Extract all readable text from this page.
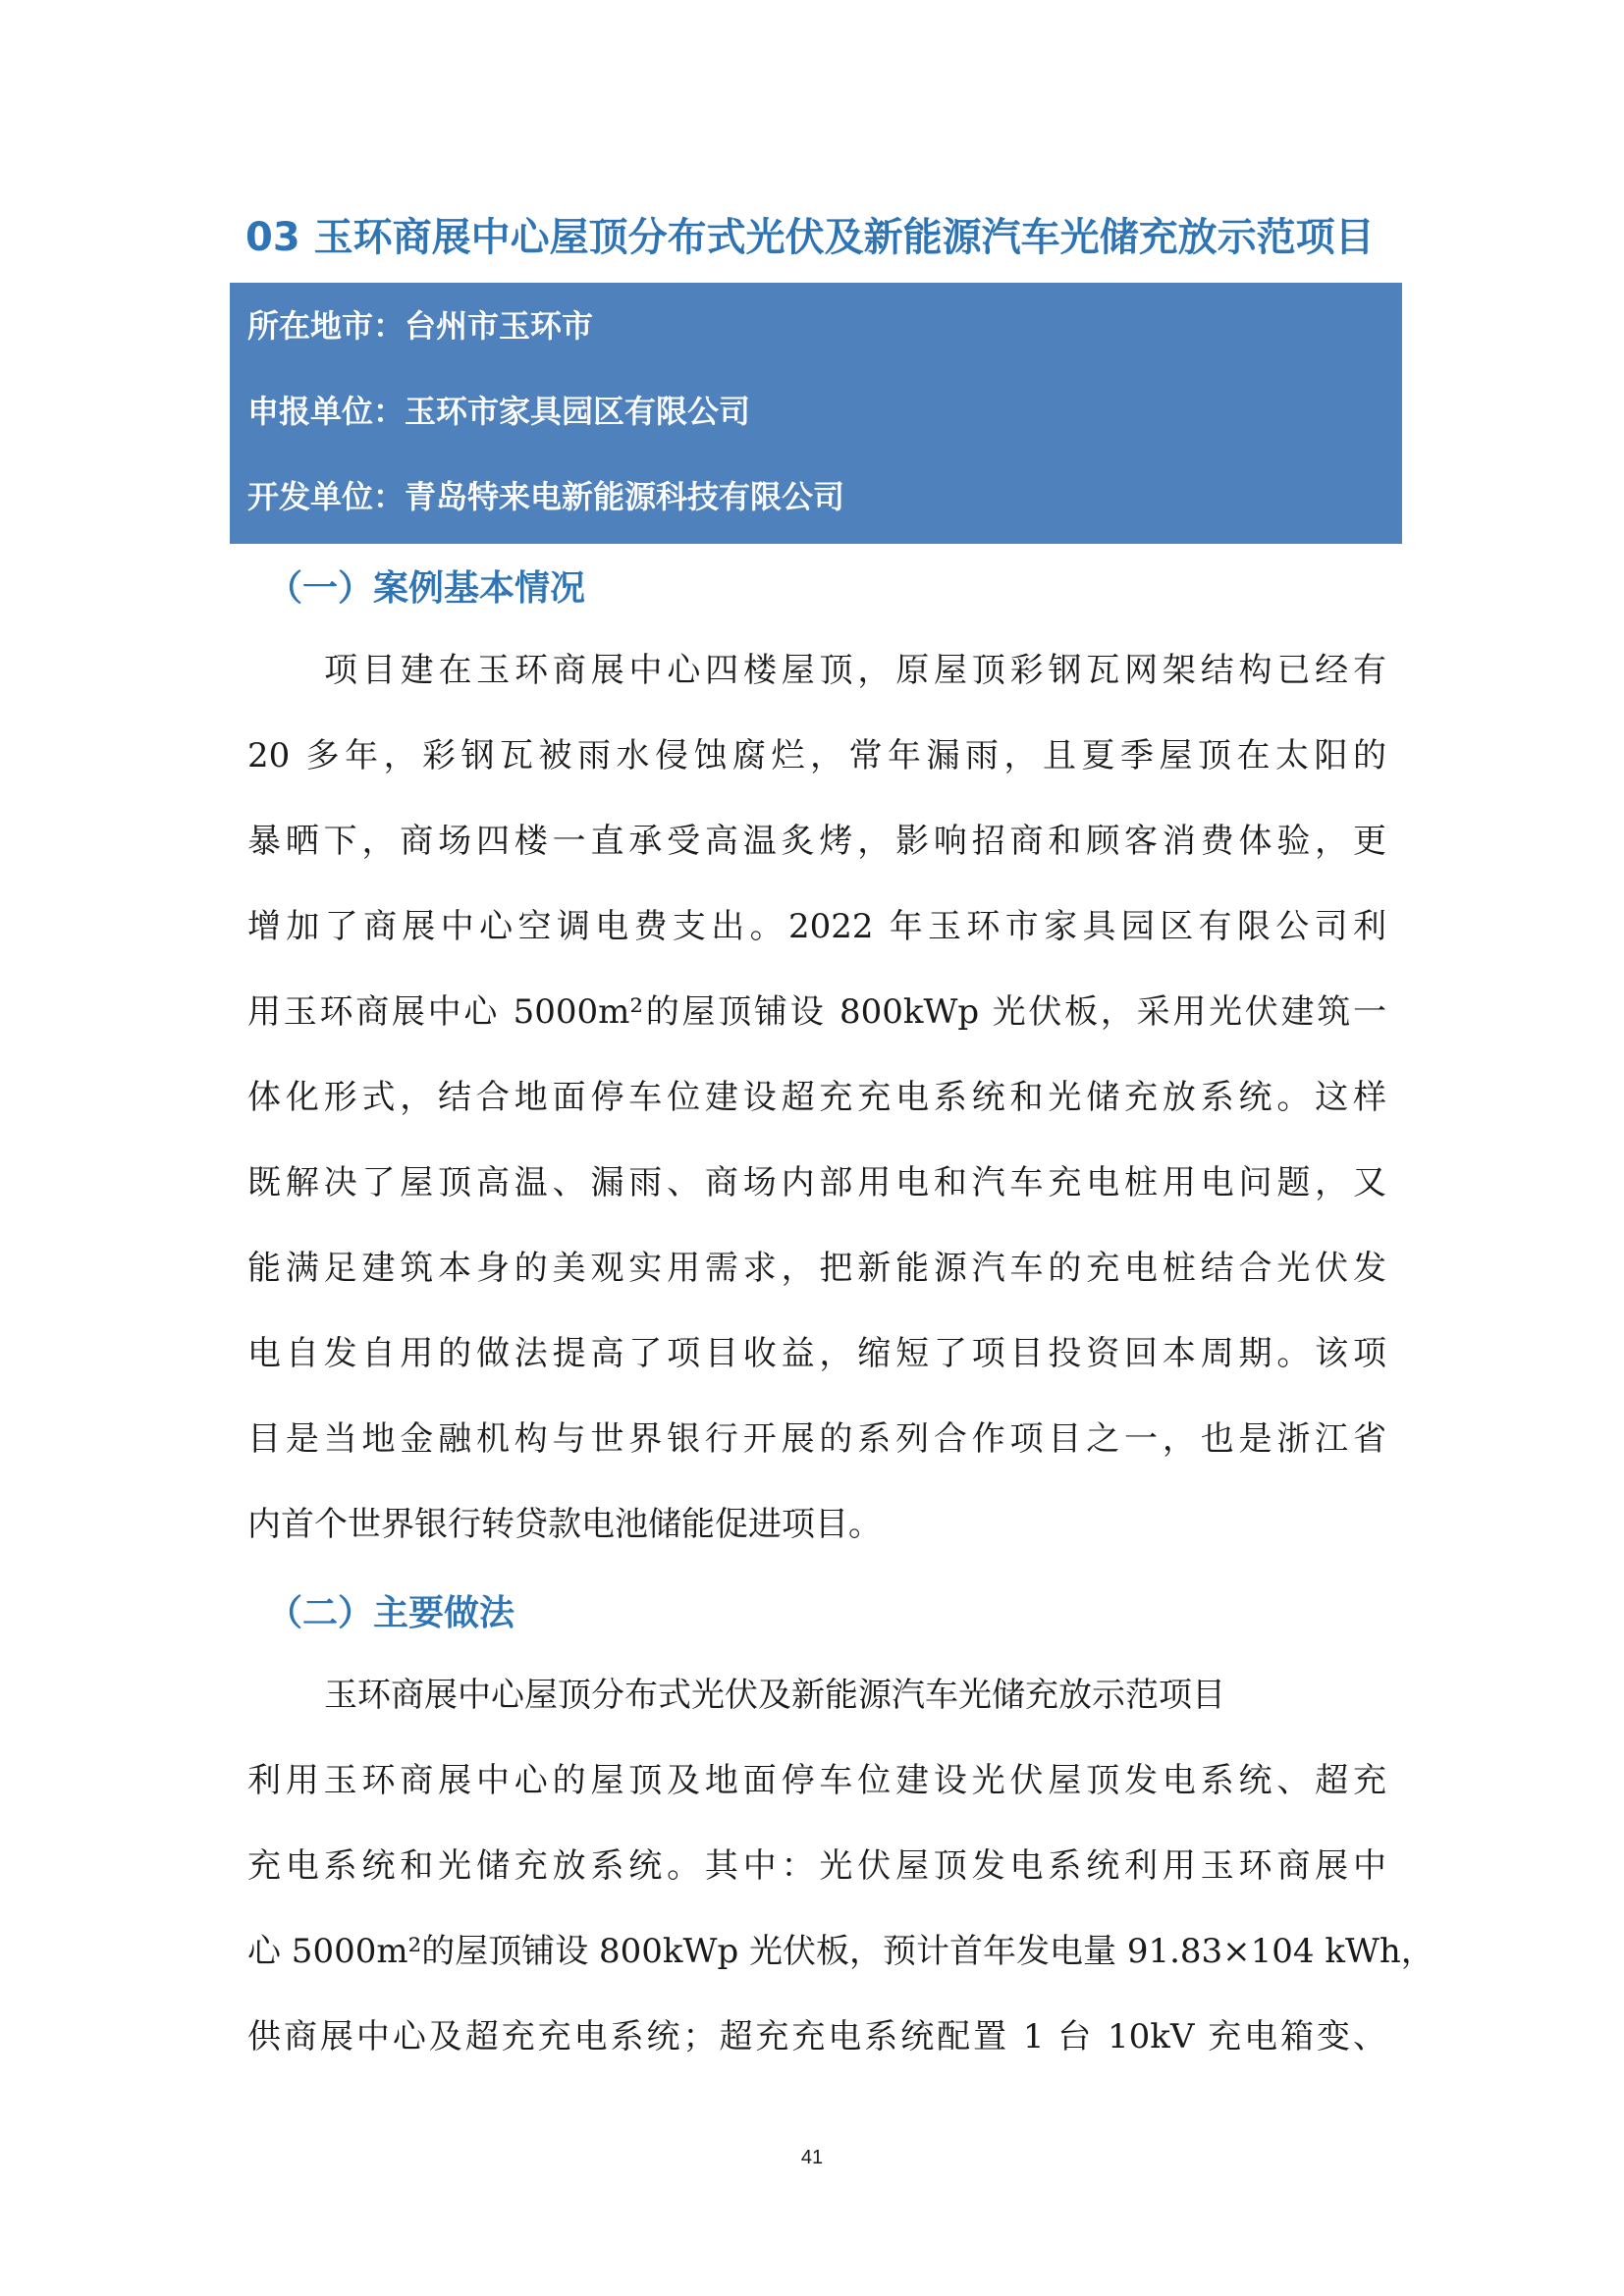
03 玉环商展中心屋顶分布式光伏及新能源汽车光储充放示范项目
所在地市：台州市玉环市
申报单位：玉环市家具园区有限公司
开发单位：青岛特来电新能源科技有限公司
（一）案例基本情况

项目建在玉环商展中心四楼屋顶，原屋顶彩钢瓦网架结构已经有

20 多年，彩钢瓦被雨水侵蚀腐烂，常年漏雨，且夏季屋顶在太阳的

暴晒下，商场四楼一直承受高温炙烤，影响招商和顾客消费体验，更

增加了商展中心空调电费支出。2022 年玉环市家具园区有限公司利

用玉环商展中心 5000m²的屋顶铺设 800kWp 光伏板，采用光伏建筑一

体化形式，结合地面停车位建设超充充电系统和光储充放系统。这样

既解决了屋顶高温、漏雨、商场内部用电和汽车充电桩用电问题，又

能满足建筑本身的美观实用需求，把新能源汽车的充电桩结合光伏发

电自发自用的做法提高了项目收益，缩短了项目投资回本周期。该项

目是当地金融机构与世界银行开展的系列合作项目之一，也是浙江省

内首个世界银行转贷款电池储能促进项目。

（二）主要做法

玉环商展中心屋顶分布式光伏及新能源汽车光储充放示范项目

利用玉环商展中心的屋顶及地面停车位建设光伏屋顶发电系统、超充

充电系统和光储充放系统。其中：光伏屋顶发电系统利用玉环商展中

心 5000m²的屋顶铺设 800kWp 光伏板，预计首年发电量 91.83×104 kWh，

供商展中心及超充充电系统；超充充电系统配置 1 台 10kV 充电箱变、

41
